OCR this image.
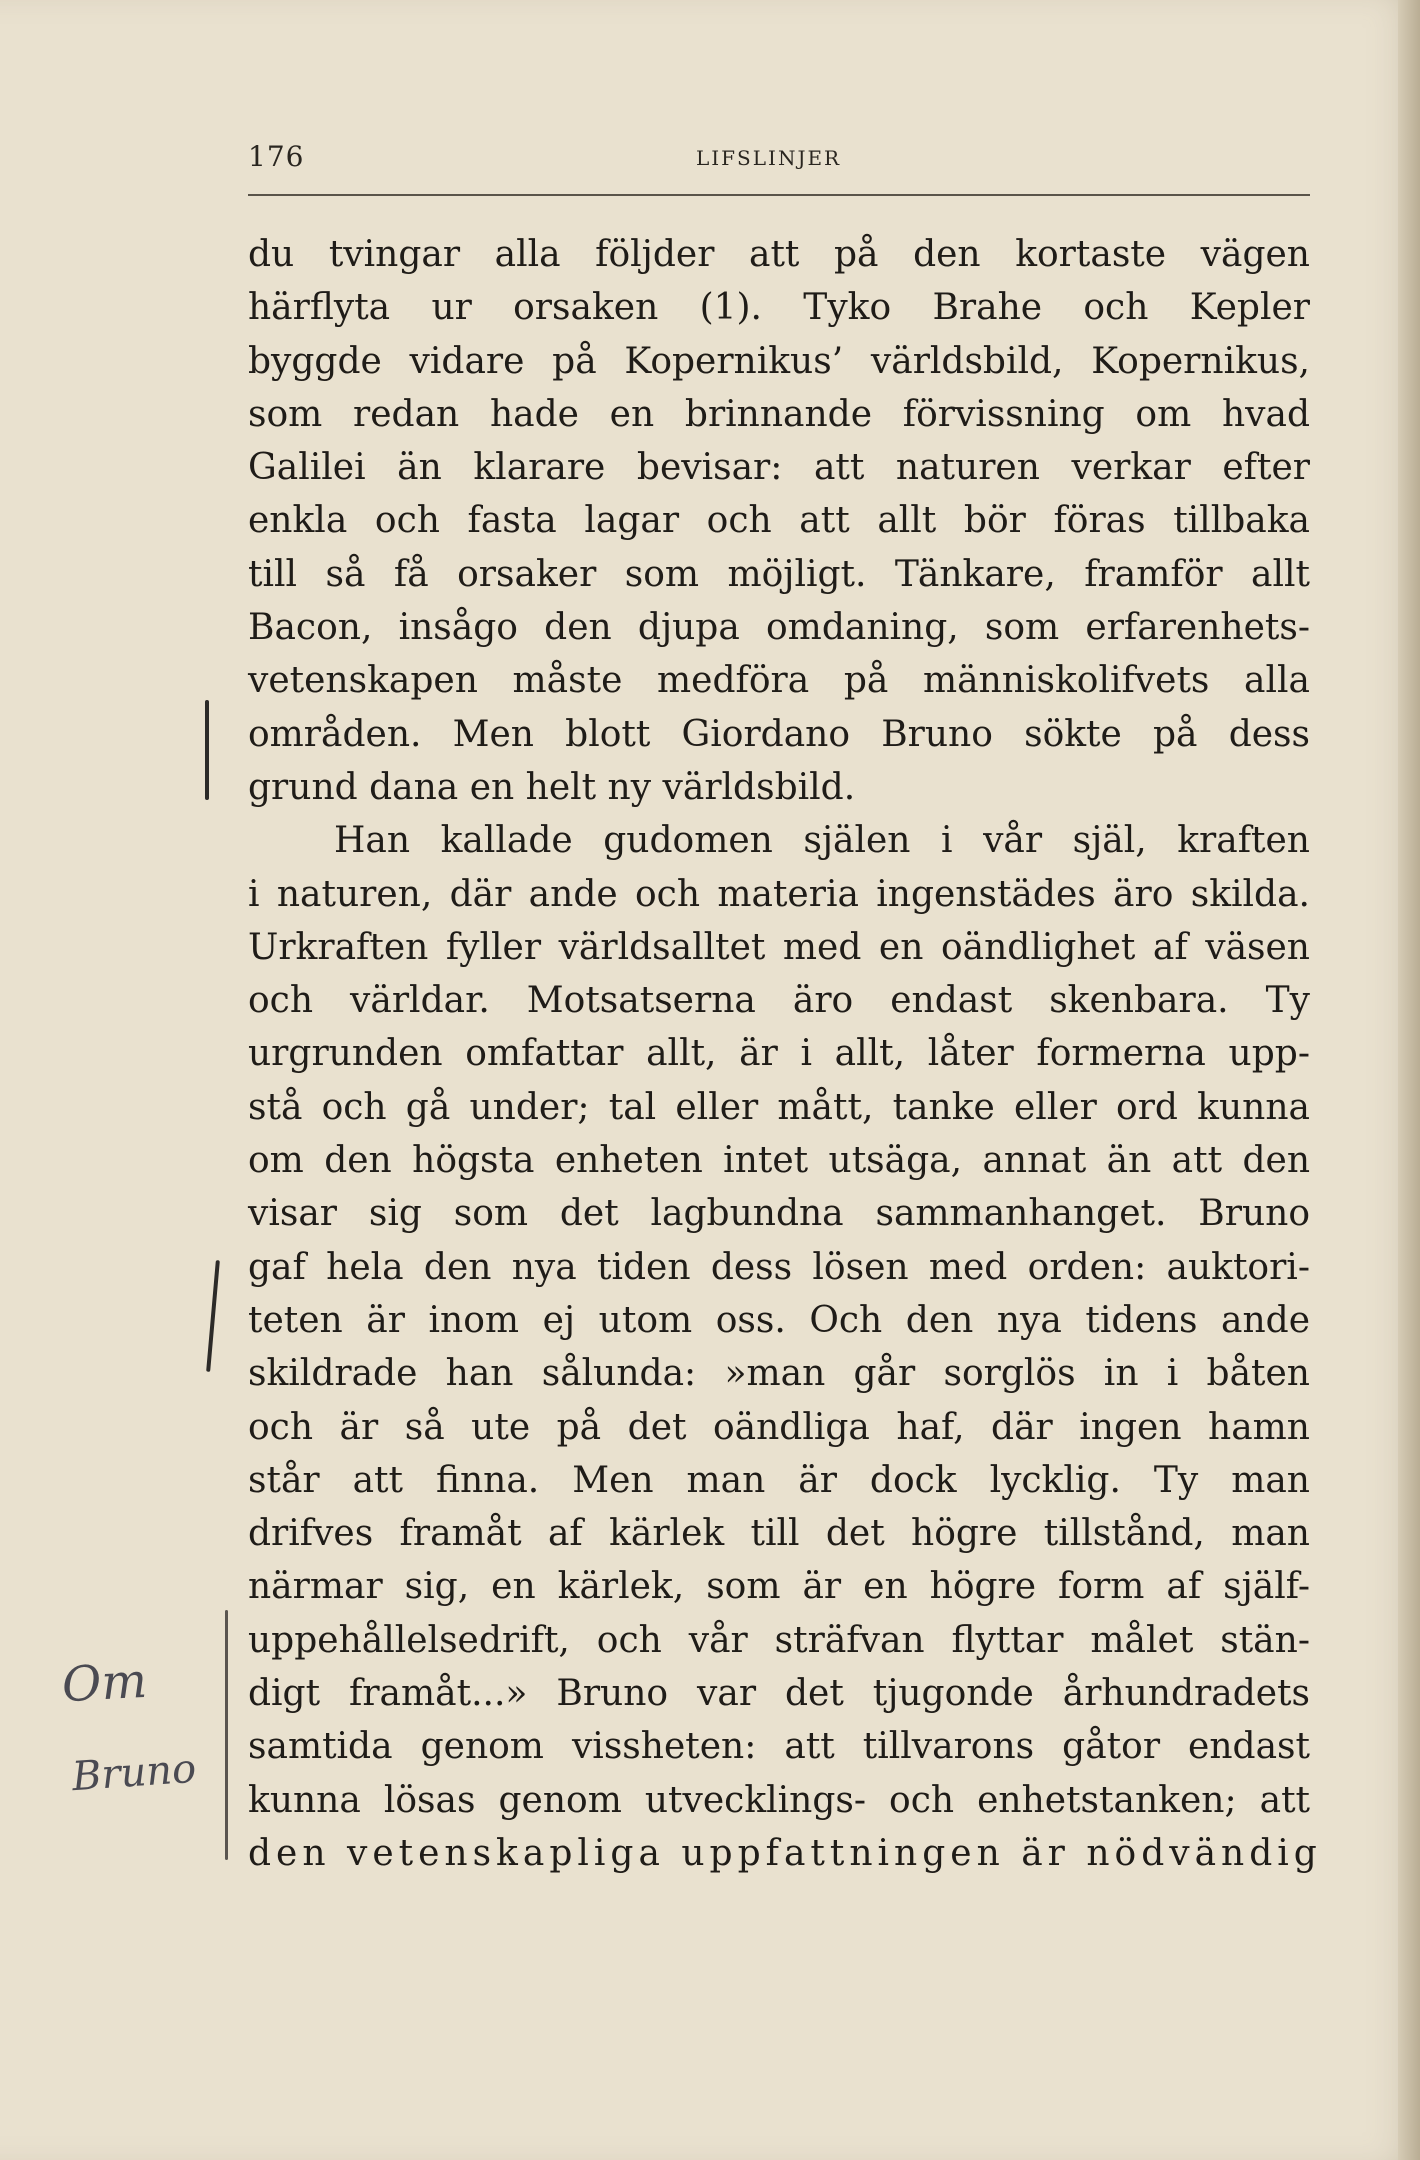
176	LIFSLINJER
du tvingar alla följder att på den kortaste vägen
härflyta ur orsaken (1). Tyko Brahe och Kepler
byggde vidare på Kopernikus’ världsbild, Kopernikus,
som redan hade en brinnande förvissning om hvad
Galilei än klarare bevisar: att naturen verkar efter
enkla och fasta lagar och att allt bör föras tillbaka
till så få orsaker som möjligt. Tänkare, framför allt
Bacon, insågo den djupa omdaning, som erfarenhets-
vetenskapen måste medföra på människolifvets alla
områden. Men blott Giordano Bruno sökte på dess
grund dana en helt ny världsbild.
Han kallade gudomen själen i vår själ, kraften
i naturen, där ande och materia ingenstädes äro skilda.
Urkraften fyller världsalltet med en oändlighet af väsen
och världar. Motsatserna äro endast skenbara. Ty
urgrunden omfattar allt, är i allt, låter formerna upp-
stå och gå under; tal eller mått, tanke eller ord kunna
om den högsta enheten intet utsäga, annat än att den
visar sig som det lagbundna sammanhanget. Bruno
gaf hela den nya tiden dess lösen med orden: auktori-
teten är inom ej utom oss. Och den nya tidens ande
skildrade han sålunda: »man går sorglös in i båten
och är så ute på det oändliga haf, där ingen hamn
står att finna. Men man är dock lycklig. Ty man
drifves framåt af kärlek till det högre tillstånd, man
närmar sig, en kärlek, som är en högre form af själf-
uppehållelsedrift, och vår sträfvan flyttar målet stän-
digt framåt...» Bruno var det tjugonde århundradets
samtida genom vissheten: att tillvarons gåtor endast
kunna lösas genom utvecklings- och enhetstanken; att
den vetenskapliga uppfattningen är nödvändig
Om
Bruno
